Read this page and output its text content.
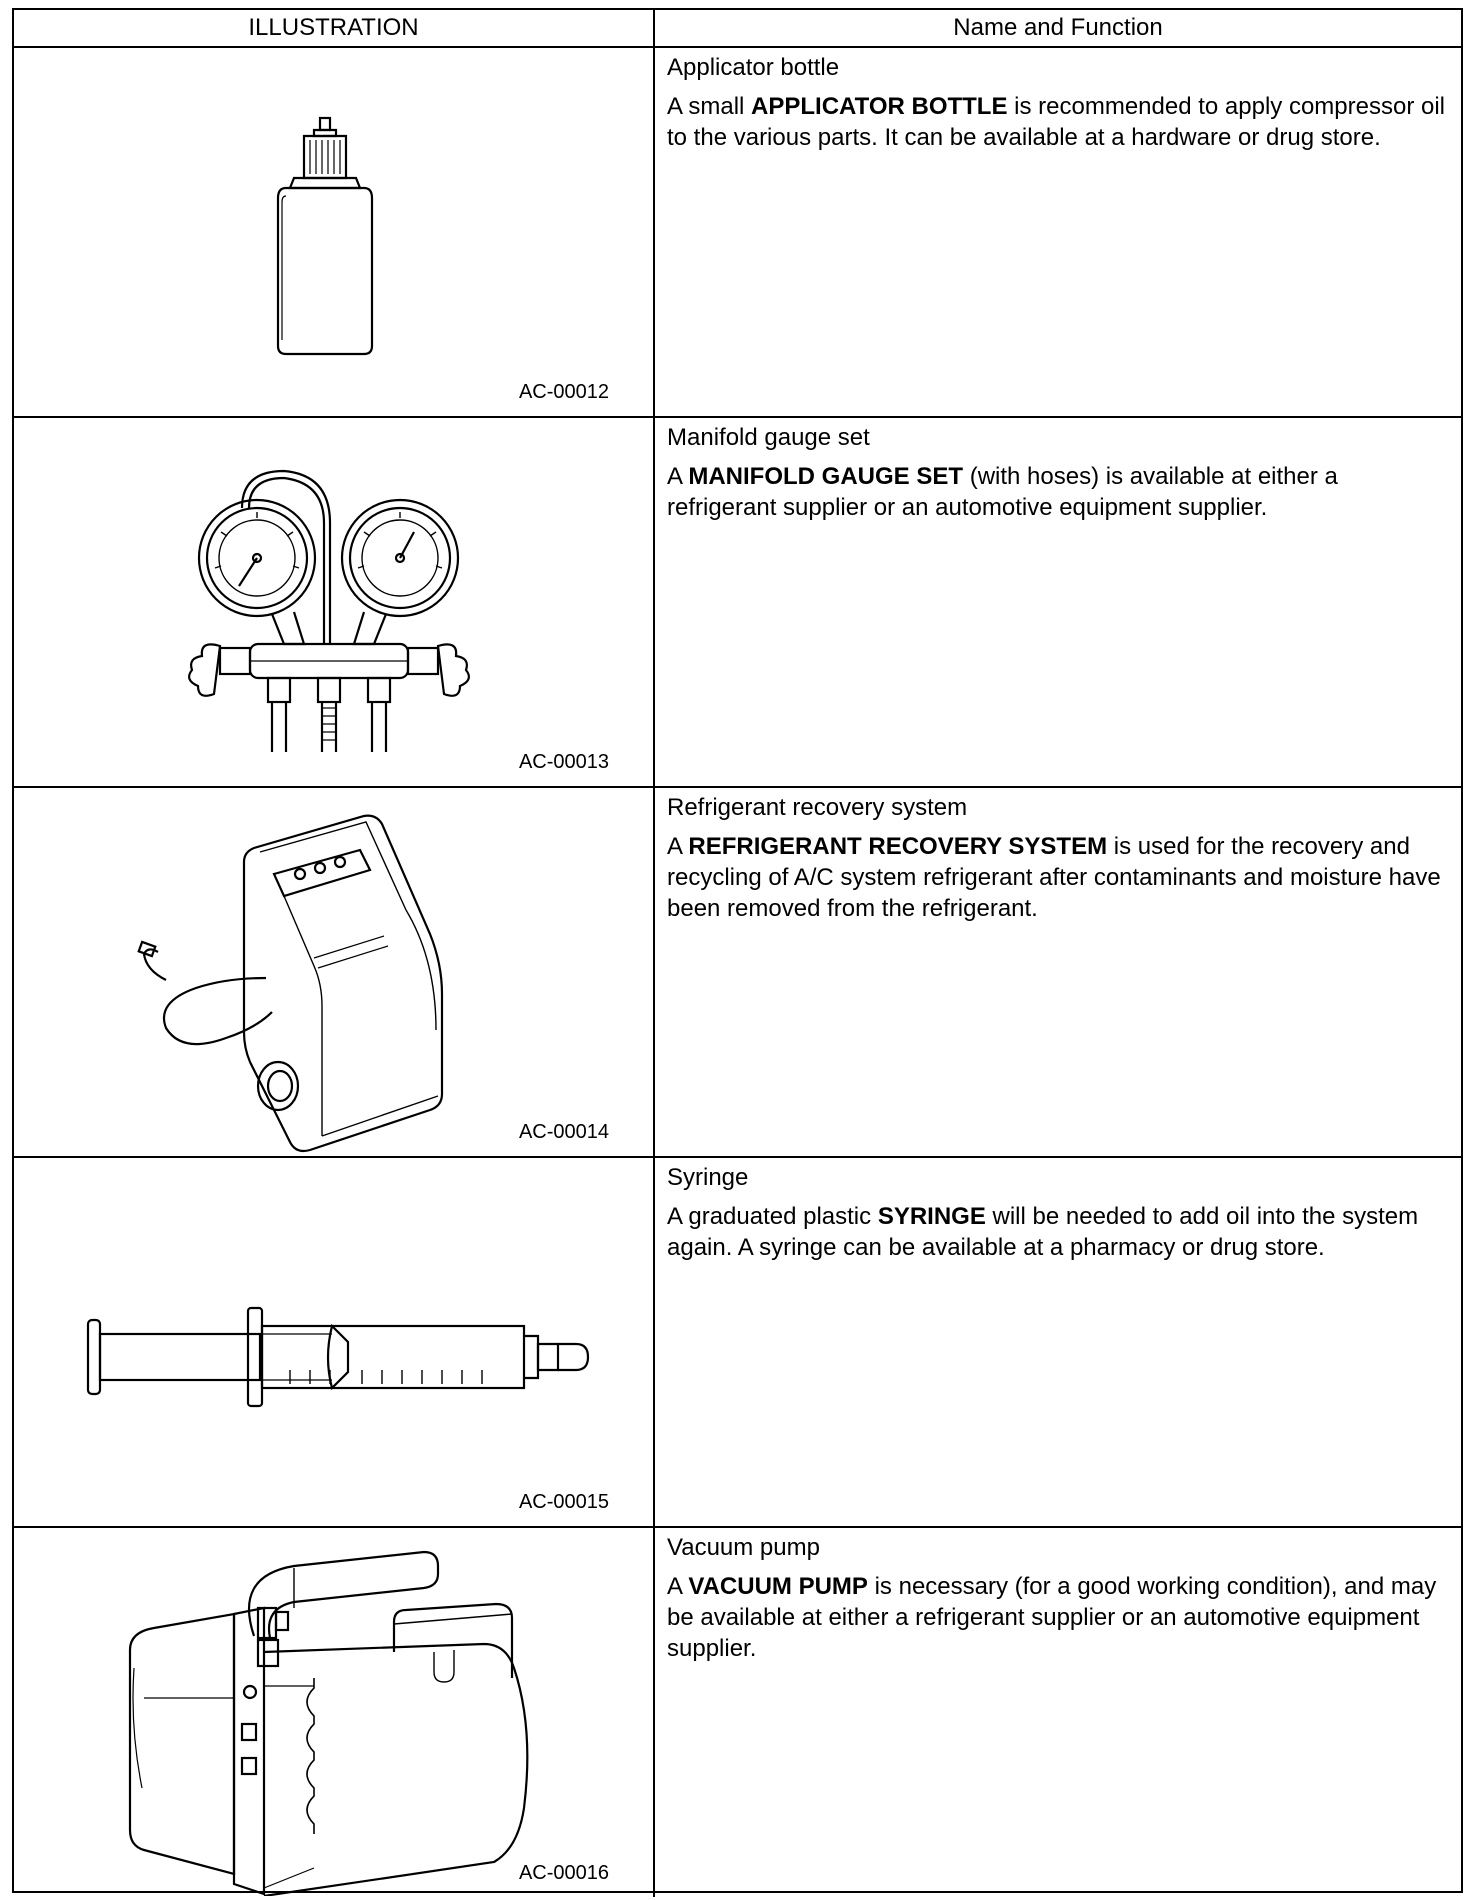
ILLUSTRATION	Name and Function
AC-00012
Applicator bottle
A small APPLICATOR BOTTLE is recommended to apply compressor oil to the various parts. It can be available at a hardware or drug store.
AC-00013
Manifold gauge set
A MANIFOLD GAUGE SET (with hoses) is available at either a refrigerant supplier or an automotive equipment supplier.
AC-00014
Refrigerant recovery system
A REFRIGERANT RECOVERY SYSTEM is used for the recovery and recycling of A/C system refrigerant after contaminants and moisture have been removed from the refrigerant.
AC-00015
Syringe
A graduated plastic SYRINGE will be needed to add oil into the system again. A syringe can be available at a pharmacy or drug store.
AC-00016
Vacuum pump
A VACUUM PUMP is necessary (for a good working condition), and may be available at either a refrigerant supplier or an automotive equipment supplier.
